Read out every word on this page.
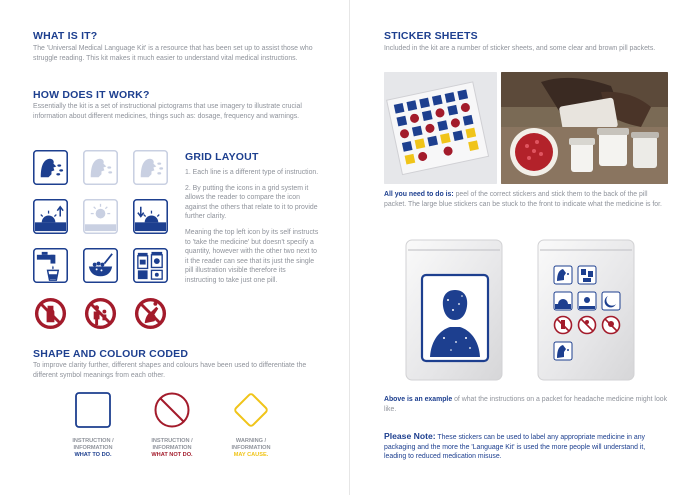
WHAT IS IT?

The 'Universal Medical Language Kit' is a resource that has been set up to assist those who struggle reading. This kit makes it much easier to understand vital medical instructions.

HOW DOES IT WORK?

Essentially the kit is a set of instructional pictograms that use imagery to illustrate crucial information about different medicines, things such as: dosage, frequency and warnings.

GRID LAYOUT

1. Each line is a different type of instruction.

2. By putting the icons in a grid system it allows the reader to compare the icon against the others that relate to it to provide further clarity.

Meaning the top left icon by its self instructs to 'take the medicine' but doesn't specify a quantity, however with the other two next to it the reader can see that its just the single pill illustration visible therefore its instructing to take just one pill.

SHAPE AND COLOUR CODED

To improve clarity further, different shapes and colours have been used to differentiate the different symbol meanings from each other.

INSTRUCTION /
INFORMATION
WHAT TO DO.
INSTRUCTION /
INFORMATION
WHAT NOT DO.
WARNING /
INFORMATION
MAY CAUSE.
STICKER SHEETS

Included in the kit are a number of sticker sheets, and some clear and brown pill packets.

All you need to do is: peel of the correct stickers and stick them to the back of the pill packet. The large blue stickers can be stuck to the front to indicate what the medicine is for.

Above is an example of what the instructions on a packet for headache medicine might look like.

Please Note: These stickers can be used to label any appropriate medicine in any packaging and the more the 'Language Kit' is used the more people will understand it, leading to reduced medication misuse.
